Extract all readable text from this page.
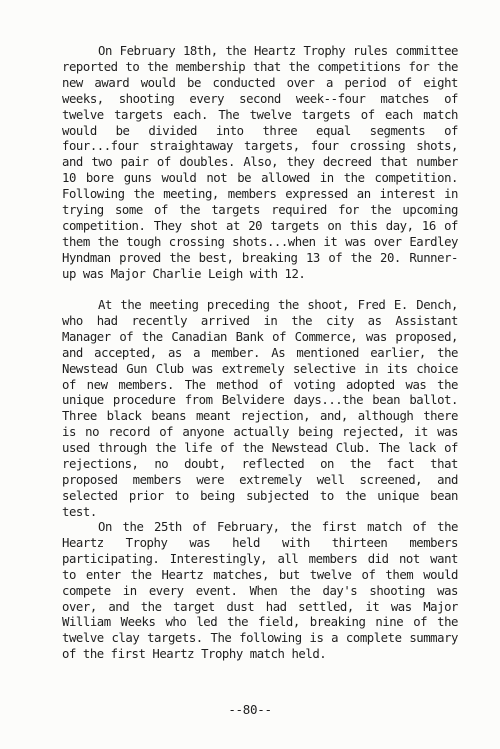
On February 18th, the Heartz Trophy rules committee reported to the membership that the competitions for the new award would be conducted over a period of eight weeks, shooting every second week--four matches of twelve targets each. The twelve targets of each match would be divided into three equal segments of four...four straightaway targets, four crossing shots, and two pair of doubles. Also, they decreed that number 10 bore guns would not be allowed in the competition. Following the meeting, members expressed an interest in trying some of the targets required for the upcoming competition. They shot at 20 targets on this day, 16 of them the tough crossing shots...when it was over Eardley Hyndman proved the best, breaking 13 of the 20. Runner-up was Major Charlie Leigh with 12.

At the meeting preceding the shoot, Fred E. Dench, who had recently arrived in the city as Assistant Manager of the Canadian Bank of Commerce, was proposed, and accepted, as a member. As mentioned earlier, the Newstead Gun Club was extremely selective in its choice of new members. The method of voting adopted was the unique procedure from Belvidere days...the bean ballot. Three black beans meant rejection, and, although there is no record of anyone actually being rejected, it was used through the life of the Newstead Club. The lack of rejections, no doubt, reflected on the fact that proposed members were extremely well screened, and selected prior to being subjected to the unique bean test.

On the 25th of February, the first match of the Heartz Trophy was held with thirteen members participating. Interestingly, all members did not want to enter the Heartz matches, but twelve of them would compete in every event. When the day's shooting was over, and the target dust had settled, it was Major William Weeks who led the field, breaking nine of the twelve clay targets. The following is a complete summary of the first Heartz Trophy match held.

--80--
